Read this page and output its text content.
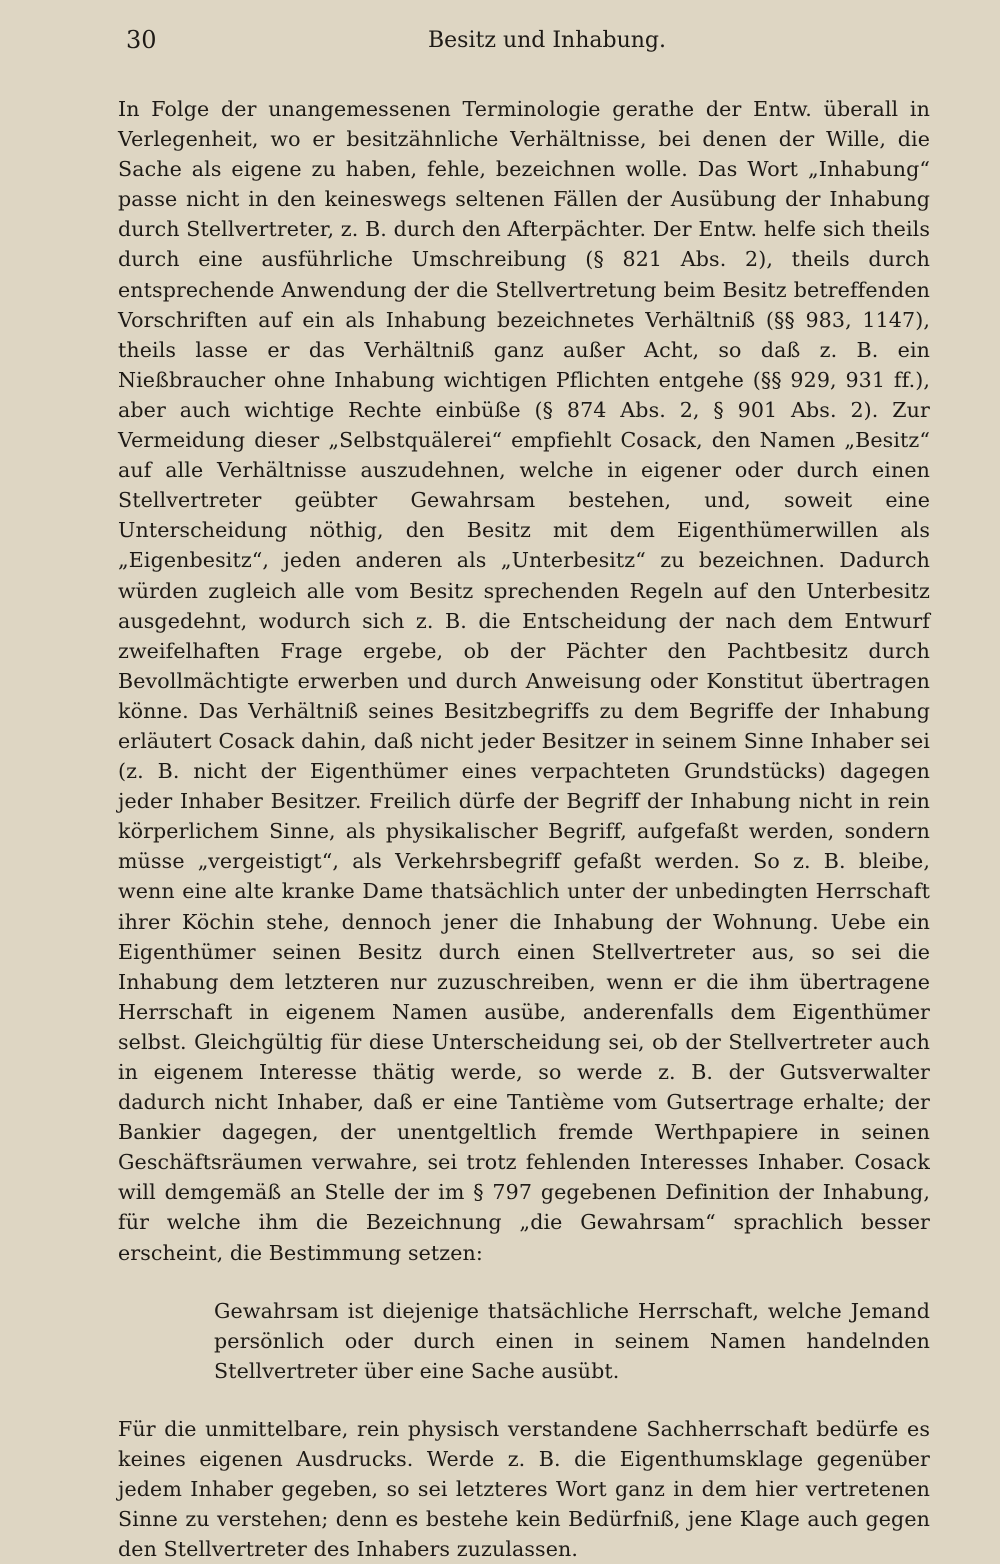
30	Besitz und Inhabung.

In Folge der unangemessenen Terminologie gerathe der Entw. überall in Verlegenheit, wo er besitzähnliche Verhältnisse, bei denen der Wille, die Sache als eigene zu haben, fehle, bezeichnen wolle. Das Wort „Inhabung“ passe nicht in den keineswegs seltenen Fällen der Ausübung der Inhabung durch Stellvertreter, z. B. durch den Afterpächter. Der Entw. helfe sich theils durch eine ausführliche Umschreibung (§ 821 Abs. 2), theils durch entsprechende Anwendung der die Stellvertretung beim Besitz betreffenden Vorschriften auf ein als Inhabung bezeichnetes Verhältniß (§§ 983, 1147), theils lasse er das Verhältniß ganz außer Acht, so daß z. B. ein Nießbraucher ohne Inhabung wichtigen Pflichten entgehe (§§ 929, 931 ff.), aber auch wichtige Rechte einbüße (§ 874 Abs. 2, § 901 Abs. 2). Zur Vermeidung dieser „Selbstquälerei“ empfiehlt Cosack, den Namen „Besitz“ auf alle Verhältnisse auszudehnen, welche in eigener oder durch einen Stellvertreter geübter Gewahrsam bestehen, und, soweit eine Unterscheidung nöthig, den Besitz mit dem Eigenthümerwillen als „Eigenbesitz“, jeden anderen als „Unterbesitz“ zu bezeichnen. Dadurch würden zugleich alle vom Besitz sprechenden Regeln auf den Unterbesitz ausgedehnt, wodurch sich z. B. die Entscheidung der nach dem Entwurf zweifelhaften Frage ergebe, ob der Pächter den Pachtbesitz durch Bevollmächtigte erwerben und durch Anweisung oder Konstitut übertragen könne. Das Verhältniß seines Besitzbegriffs zu dem Begriffe der Inhabung erläutert Cosack dahin, daß nicht jeder Besitzer in seinem Sinne Inhaber sei (z. B. nicht der Eigenthümer eines verpachteten Grundstücks) dagegen jeder Inhaber Besitzer. Freilich dürfe der Begriff der Inhabung nicht in rein körperlichem Sinne, als physikalischer Begriff, aufgefaßt werden, sondern müsse „vergeistigt“, als Verkehrsbegriff gefaßt werden. So z. B. bleibe, wenn eine alte kranke Dame thatsächlich unter der unbedingten Herrschaft ihrer Köchin stehe, dennoch jener die Inhabung der Wohnung. Uebe ein Eigenthümer seinen Besitz durch einen Stellvertreter aus, so sei die Inhabung dem letzteren nur zuzuschreiben, wenn er die ihm übertragene Herrschaft in eigenem Namen ausübe, anderenfalls dem Eigenthümer selbst. Gleichgültig für diese Unterscheidung sei, ob der Stellvertreter auch in eigenem Interesse thätig werde, so werde z. B. der Gutsverwalter dadurch nicht Inhaber, daß er eine Tantième vom Gutsertrage erhalte; der Bankier dagegen, der unentgeltlich fremde Werthpapiere in seinen Geschäftsräumen verwahre, sei trotz fehlenden Interesses Inhaber. Cosack will demgemäß an Stelle der im § 797 gegebenen Definition der Inhabung, für welche ihm die Bezeichnung „die Gewahrsam“ sprachlich besser erscheint, die Bestimmung setzen:

Gewahrsam ist diejenige thatsächliche Herrschaft, welche Jemand persönlich oder durch einen in seinem Namen handelnden Stellvertreter über eine Sache ausübt.

Für die unmittelbare, rein physisch verstandene Sachherrschaft bedürfe es keines eigenen Ausdrucks. Werde z. B. die Eigenthumsklage gegenüber jedem Inhaber gegeben, so sei letzteres Wort ganz in dem hier vertretenen Sinne zu verstehen; denn es bestehe kein Bedürfniß, jene Klage auch gegen den Stellvertreter des Inhabers zuzulassen.
